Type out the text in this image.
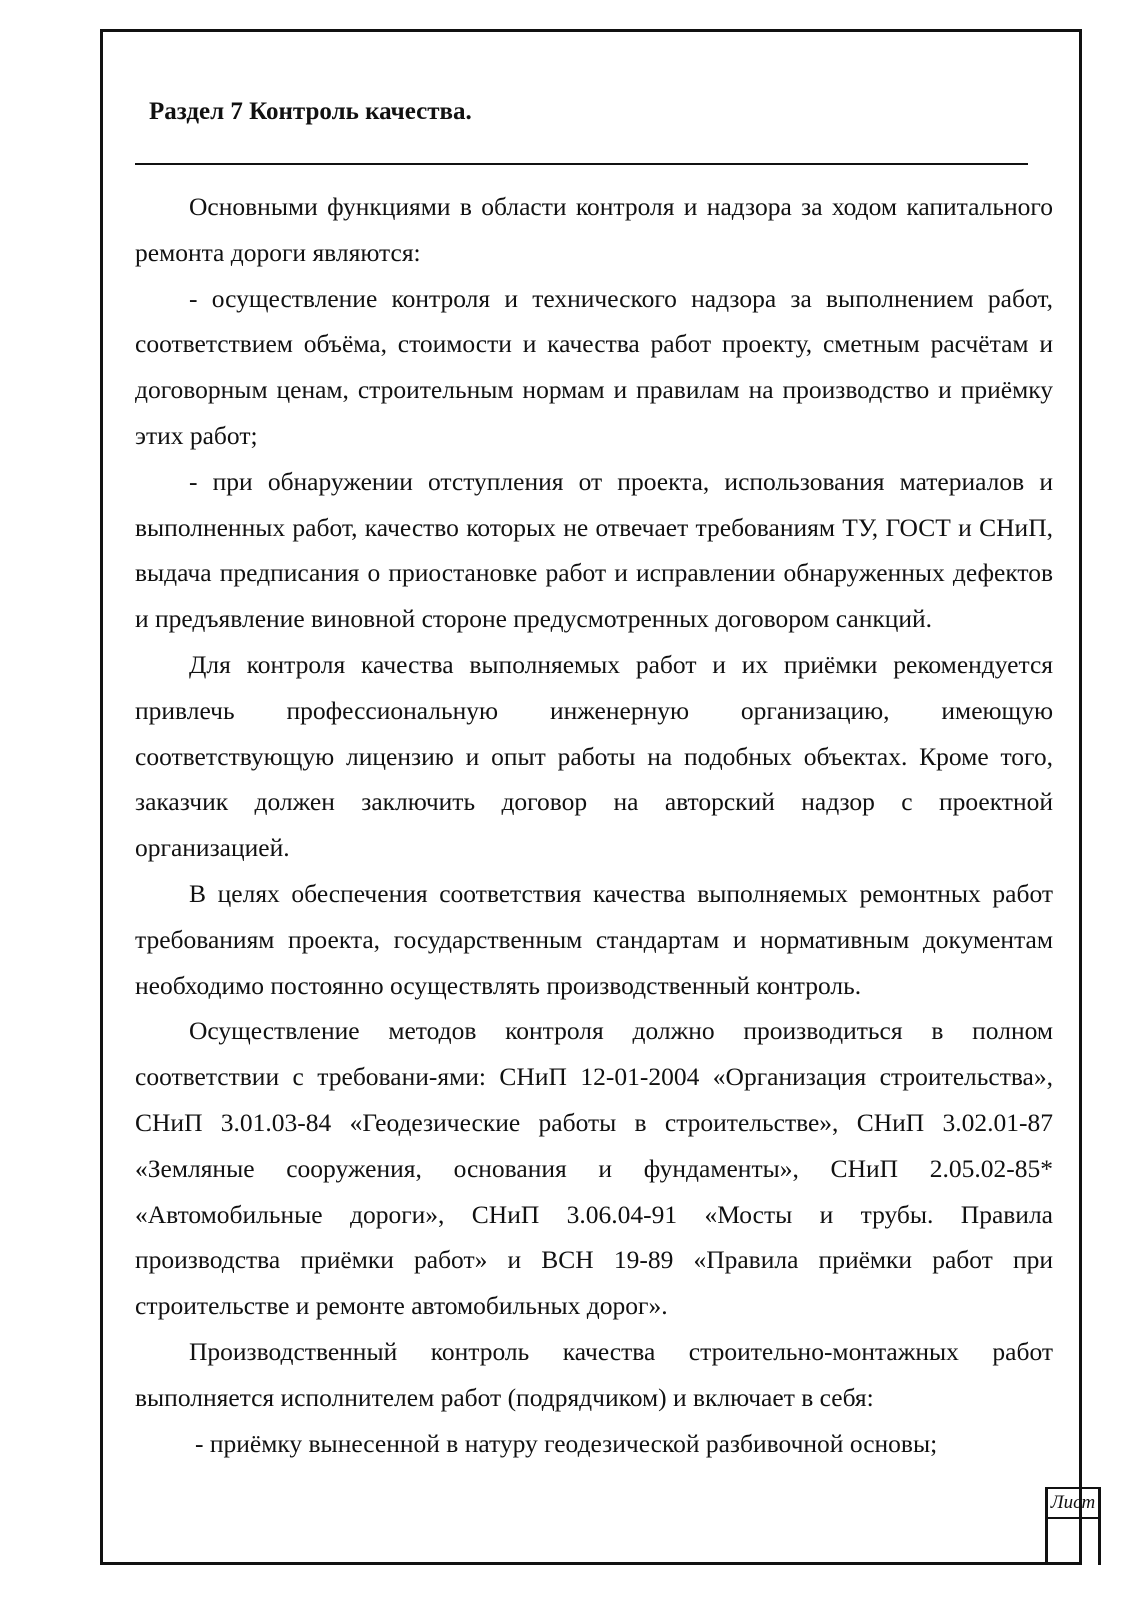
Раздел 7 Контроль качества.

Основными функциями в области контроля и надзора за ходом капитального ремонта дороги являются:

- осуществление контроля и технического надзора за выполнением работ, соответствием объёма, стоимости и качества работ проекту, сметным расчётам и договорным ценам, строительным нормам и правилам на производство и приёмку этих работ;

- при обнаружении отступления от проекта, использования материалов и выполненных работ, качество которых не отвечает требованиям ТУ, ГОСТ и СНиП, выдача предписания о приостановке работ и исправлении обнаруженных дефектов и предъявление виновной стороне предусмотренных договором санкций.

Для контроля качества выполняемых работ и их приёмки рекомендуется привлечь профессиональную инженерную организацию, имеющую соответствующую лицензию и опыт работы на подобных объектах. Кроме того, заказчик должен заключить договор на авторский надзор с проектной организацией.

В целях обеспечения соответствия качества выполняемых ремонтных работ требованиям проекта, государственным стандартам и нормативным документам необходимо постоянно осуществлять производственный контроль.

Осуществление методов контроля должно производиться в полном соответствии с требовани-ями: СНиП 12-01-2004 «Организация строительства», СНиП 3.01.03-84 «Геодезические работы в строительстве», СНиП 3.02.01-87 «Земляные сооружения, основания и фундаменты», СНиП 2.05.02-85* «Автомобильные дороги», СНиП 3.06.04-91 «Мосты и трубы. Правила производства приёмки работ» и ВСН 19-89 «Правила приёмки работ при строительстве и ремонте автомобильных дорог».

Производственный контроль качества строительно-монтажных работ выполняется исполнителем работ (подрядчиком) и включает в себя:

- приёмку вынесенной в натуру геодезической разбивочной основы;

Лист
